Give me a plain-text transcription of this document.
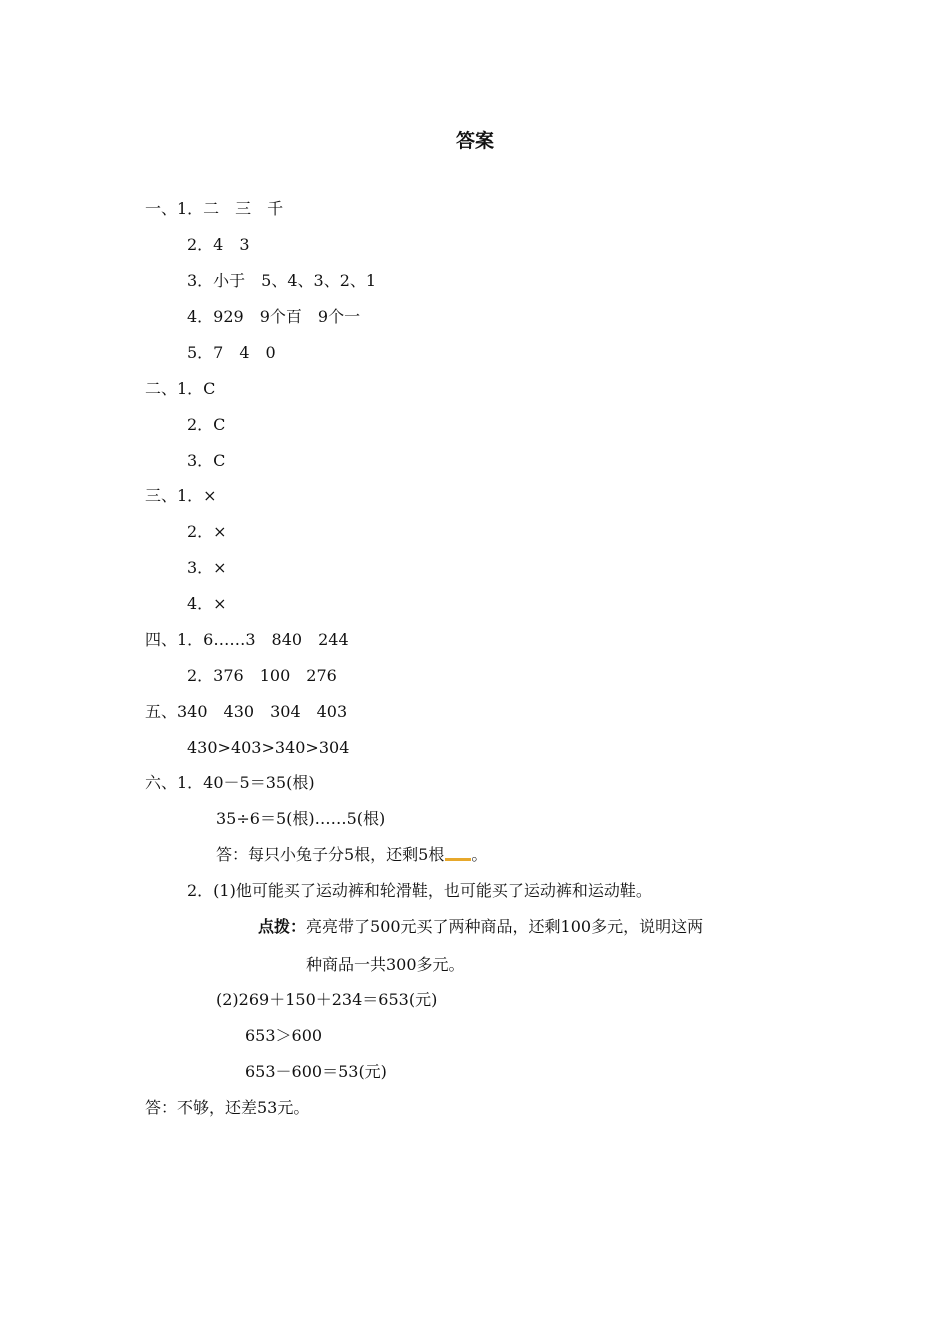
答案
一、1．二　三　千
2．4　3
3．小于　5、4、3、2、1
4．929　9个百　9个一
5．7　4　0
二、1．C
2．C
3．C
三、1．×
2．×
3．×
4．×
四、1．6……3　840　244
2．376　100　276
五、340　430　304　403
430>403>340>304
六、1．40－5＝35(根)
35÷6＝5(根)……5(根)
答：每只小兔子分5根，还剩5根 。
2．(1)他可能买了运动裤和轮滑鞋，也可能买了运动裤和运动鞋。
点拨：亮亮带了500元买了两种商品，还剩100多元，说明这两
种商品一共300多元。
(2)269＋150＋234＝653(元)
653＞600
653－600＝53(元)
答：不够，还差53元。
